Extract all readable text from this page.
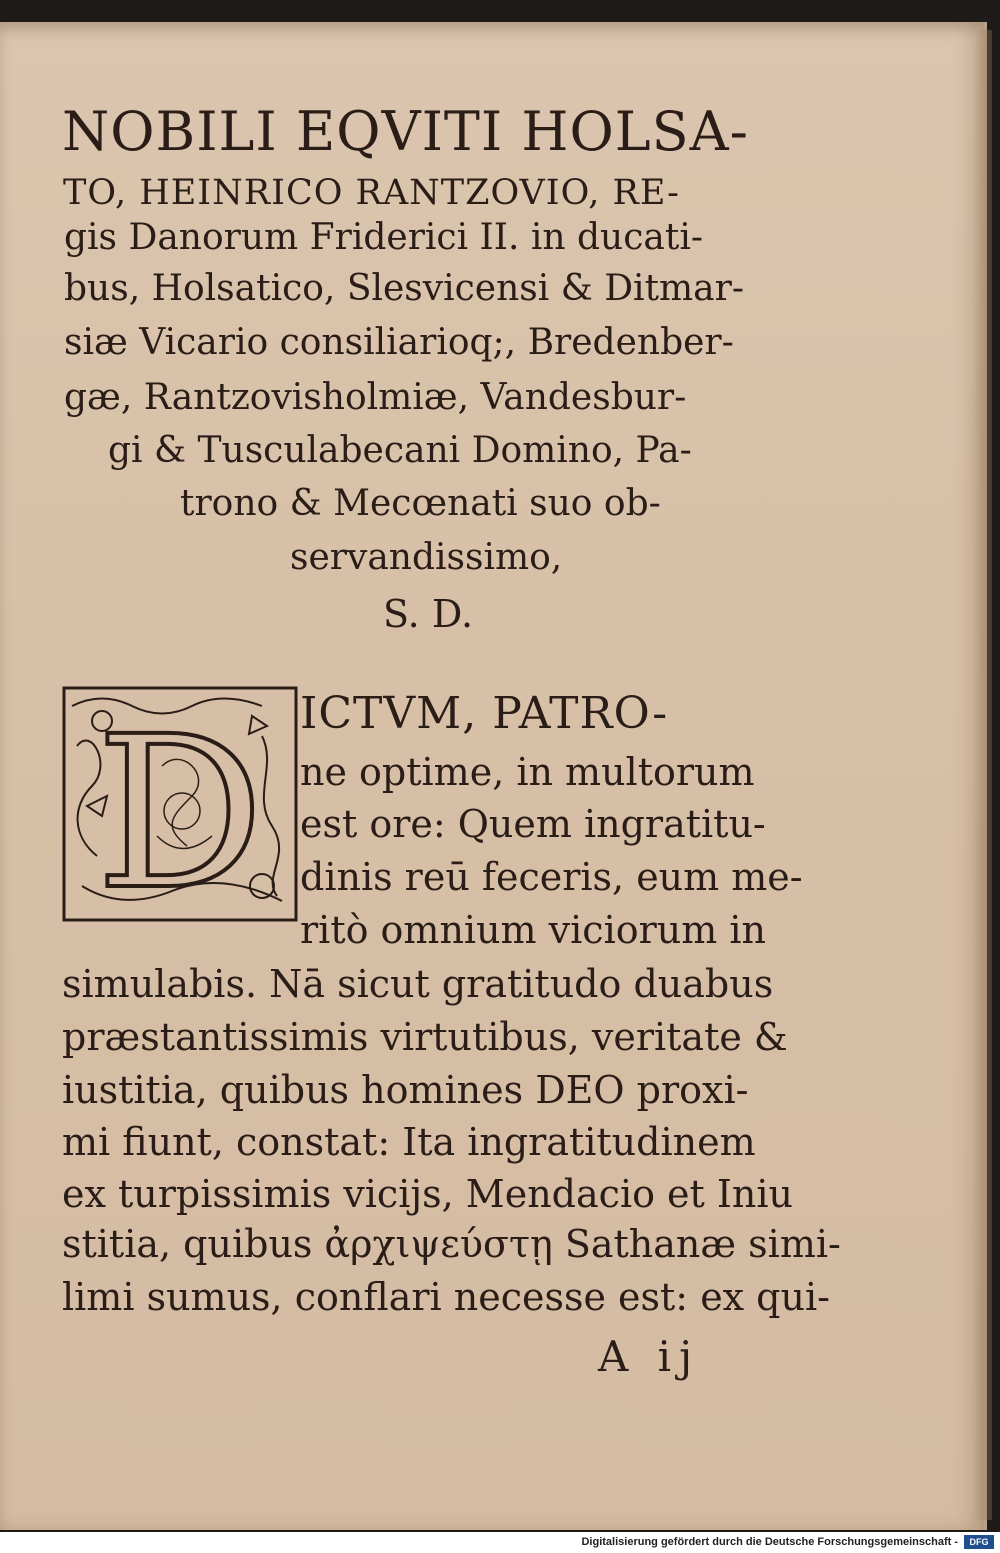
NOBILI EQVITI HOLSA-
TO, HEINRICO RANTZOVIO, RE-
gis Danorum Friderici II. in ducati-
bus, Holsatico, Slesvicensi & Ditmar-
siæ Vicario consiliarioq;, Bredenber-
gæ, Rantzovisholmiæ, Vandesbur-
gi & Tusculabecani Domino, Pa-
trono & Mecœnati suo ob-
servandissimo,
S. D.
D ICTVM, PATRO-
ne optime, in multorum
est ore: Quem ingratitu-
dinis reū feceris, eum me-
ritò omnium viciorum in
simulabis. Nā sicut gratitudo duabus
præstantissimis virtutibus, veritate &
iustitia, quibus homines DEO proxi-
mi fiunt, constat: Ita ingratitudinem
ex turpissimis vicijs, Mendacio et Iniu
stitia, quibus ἀρχιψεύστῃ Sathanæ simi-
limi sumus, conflari necesse est: ex qui-
A ij
Digitalisierung gefördert durch die Deutsche Forschungsgemeinschaft -	DFG
